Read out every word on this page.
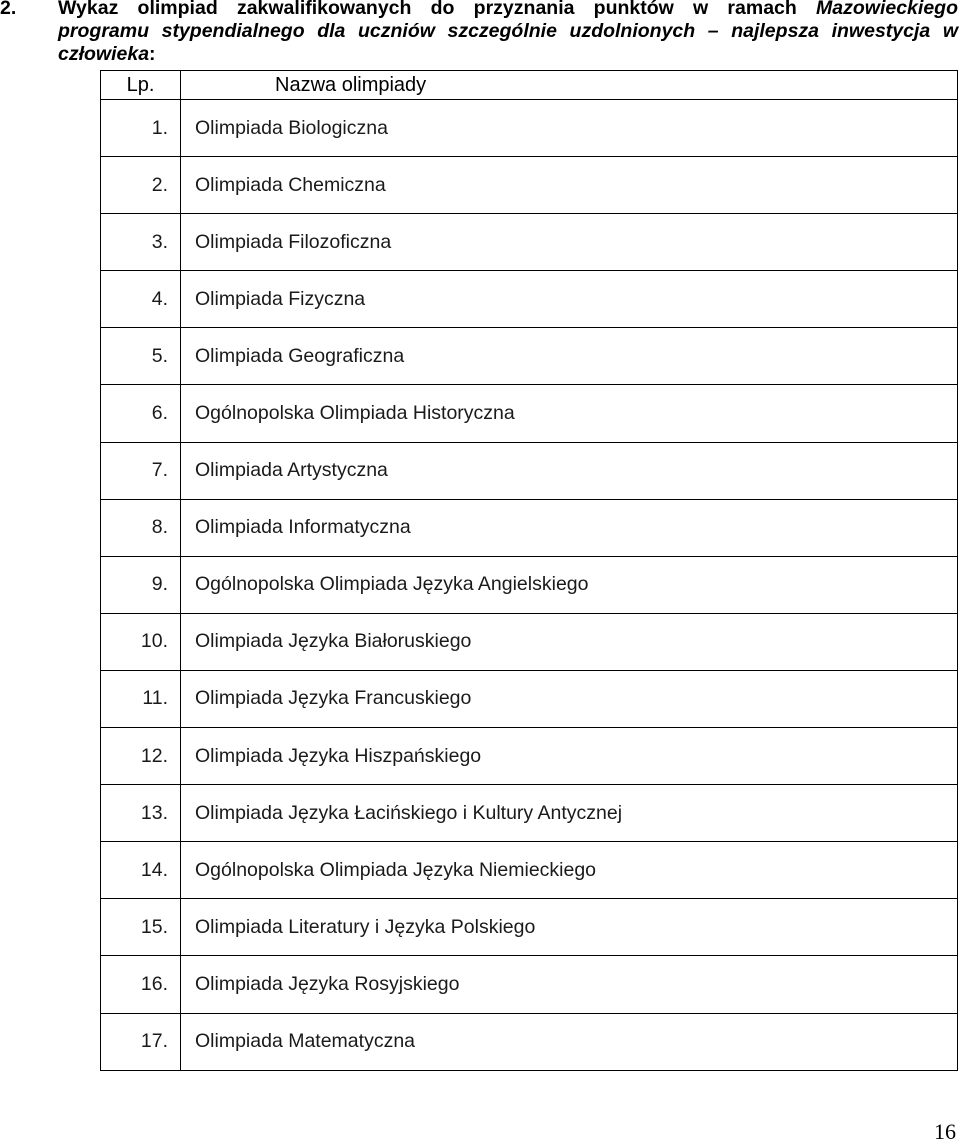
2. Wykaz olimpiad zakwalifikowanych do przyznania punktów w ramach Mazowieckiego
programu stypendialnego dla uczniów szczególnie uzdolnionych – najlepsza inwestycja w
człowieka:
Lp.	Nazwa olimpiady
1.	Olimpiada Biologiczna
2.	Olimpiada Chemiczna
3.	Olimpiada Filozoficzna
4.	Olimpiada Fizyczna
5.	Olimpiada Geograficzna
6.	Ogólnopolska Olimpiada Historyczna
7.	Olimpiada Artystyczna
8.	Olimpiada Informatyczna
9.	Ogólnopolska Olimpiada Języka Angielskiego
10.	Olimpiada Języka Białoruskiego
11.	Olimpiada Języka Francuskiego
12.	Olimpiada Języka Hiszpańskiego
13.	Olimpiada Języka Łacińskiego i Kultury Antycznej
14.	Ogólnopolska Olimpiada Języka Niemieckiego
15.	Olimpiada Literatury i Języka Polskiego
16.	Olimpiada Języka Rosyjskiego
17.	Olimpiada Matematyczna
16
